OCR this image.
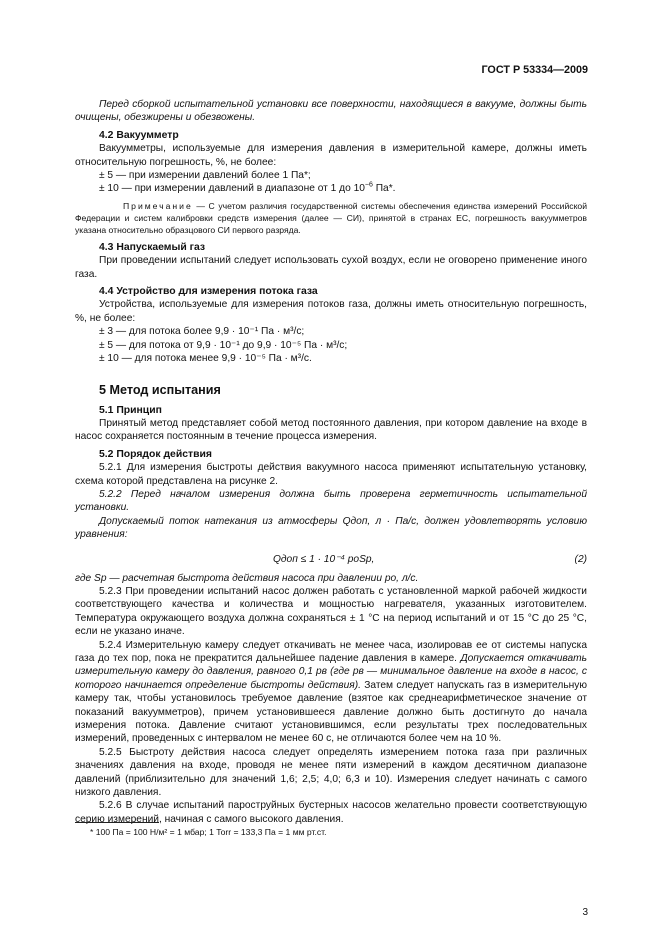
ГОСТ Р 53334—2009

Перед сборкой испытательной установки все поверхности, находящиеся в вакууме, должны быть очищены, обезжирены и обезвожены.

4.2 Вакуумметр

Вакуумметры, используемые для измерения давления в измерительной камере, должны иметь относительную погрешность, %, не более:

± 5 — при измерении давлений более 1 Па*;

± 10 — при измерении давлений в диапазоне от 1 до $10^{-6}$ Па*.

Примечание — С учетом различия государственной системы обеспечения единства измерений Российской Федерации и систем калибровки средств измерения (далее — СИ), принятой в странах ЕС, погрешность вакуумметров указана относительно образцового СИ первого разряда.

4.3 Напускаемый газ

При проведении испытаний следует использовать сухой воздух, если не оговорено применение иного газа.

4.4 Устройство для измерения потока газа

Устройства, используемые для измерения потоков газа, должны иметь относительную погрешность, %, не более:

± 3 — для потока более 9,9 · 10⁻¹ Па · м³/с;

± 5 — для потока от 9,9 · 10⁻¹ до 9,9 · 10⁻⁵ Па · м³/с;

± 10 — для потока менее 9,9 · 10⁻⁵ Па · м³/с.

5 Метод испытания
5.1 Принцип

Принятый метод представляет собой метод постоянного давления, при котором давление на входе в насос сохраняется постоянным в течение процесса измерения.

5.2 Порядок действия

5.2.1 Для измерения быстроты действия вакуумного насоса применяют испытательную установку, схема которой представлена на рисунке 2.

5.2.2 Перед началом измерения должна быть проверена герметичность испытательной установки.

Допускаемый поток натекания из атмосферы Qдоп, л · Па/с, должен удовлетворять условию уравнения:

Qдоп ≤ 1 · 10⁻⁴ pоSр,	(2)

где Sр — расчетная быстрота действия насоса при давлении pо, л/с.

5.2.3 При проведении испытаний насос должен работать с установленной маркой рабочей жидкости соответствующего качества и количества и мощностью нагревателя, указанных изготовителем. Температура окружающего воздуха должна сохраняться ± 1 °С на период испытаний и от 15 °С до 25 °С, если не указано иначе.

5.2.4 Измерительную камеру следует откачивать не менее часа, изолировав ее от системы напуска газа до тех пор, пока не прекратится дальнейшее падение давления в камере. Допускается откачивать измерительную камеру до давления, равного 0,1 pв (где pв — минимальное давление на входе в насос, с которого начинается определение быстроты действия). Затем следует напускать газ в измерительную камеру так, чтобы установилось требуемое давление (взятое как среднеарифметическое значение от показаний вакуумметров), причем установившееся давление должно быть достигнуто до начала измерения потока. Давление считают установившимся, если результаты трех последовательных измерений, проведенных с интервалом не менее 60 с, не отличаются более чем на 10 %.

5.2.5 Быстроту действия насоса следует определять измерением потока газа при различных значениях давления на входе, проводя не менее пяти измерений в каждом десятичном диапазоне давлений (приблизительно для значений 1,6; 2,5; 4,0; 6,3 и 10). Измерения следует начинать с самого низкого давления.

5.2.6 В случае испытаний пароструйных бустерных насосов желательно провести соответствующую серию измерений, начиная с самого высокого давления.

* 100 Па = 100 Н/м² = 1 мбар; 1 Torr = 133,3 Па = 1 мм рт.ст.
3
